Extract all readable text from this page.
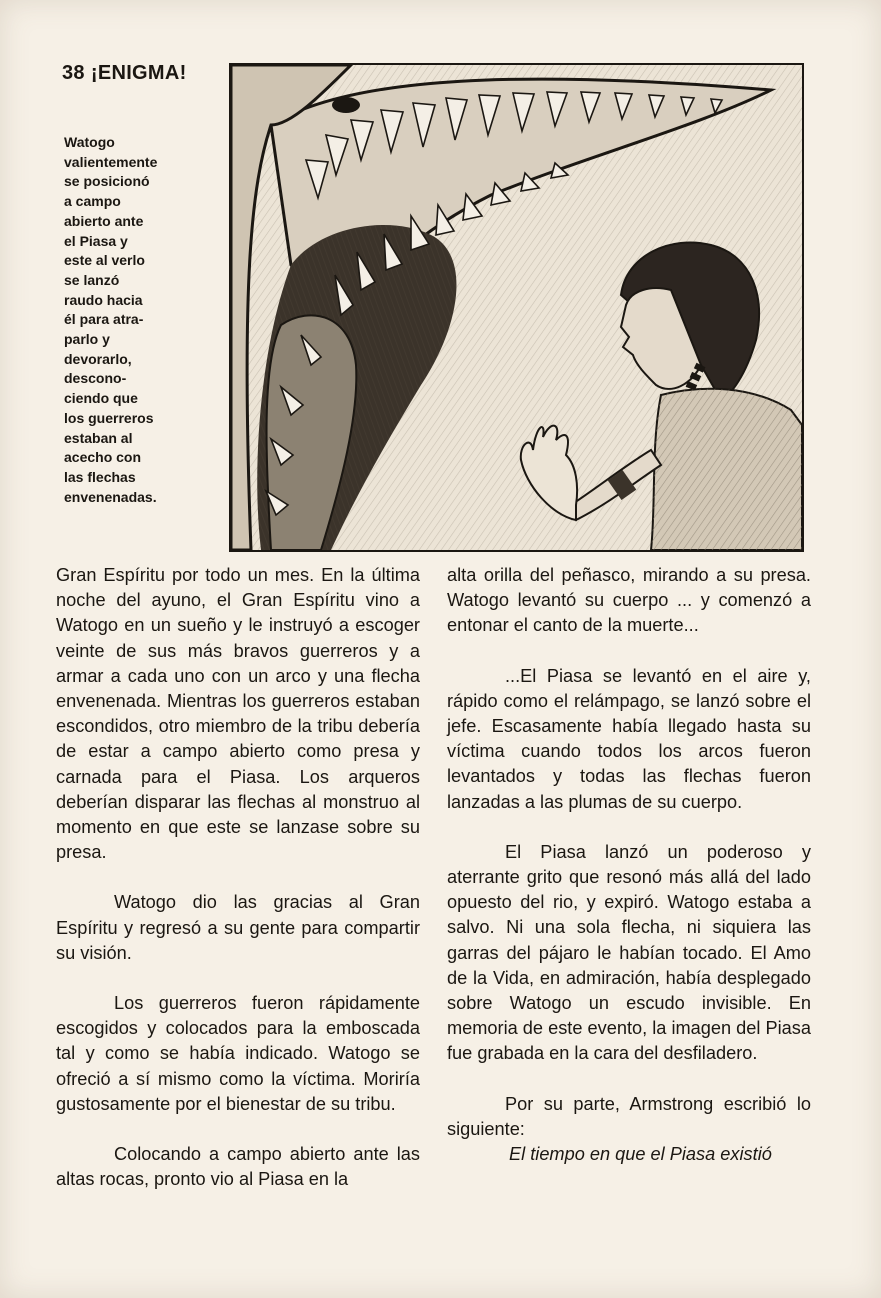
38 ¡ENIGMA!

Watogo
valientemente
se posicionó
a campo
abierto ante
el Piasa y
este al verlo
se lanzó
raudo hacia
él para atra-
parlo y
devorarlo,
descono-
ciendo que
los guerreros
estaban al
acecho con
las flechas
envenenadas.

Gran Espíritu por todo un mes. En la última noche del ayuno, el Gran Espíritu vino a Watogo en un sueño y le instruyó a escoger veinte de sus más bravos guerreros y a armar a cada uno con un arco y una flecha envenenada. Mientras los guerreros estaban escondidos, otro miembro de la tribu debería de estar a campo abierto como presa y carnada para el Piasa. Los arqueros deberían disparar las flechas al monstruo al momento en que este se lanzase sobre su presa.

Watogo dio las gracias al Gran Espíritu y regresó a su gente para compartir su visión.

Los guerreros fueron rápidamente escogidos y colocados para la emboscada tal y como se había indicado. Watogo se ofreció a sí mismo como la víctima. Moriría gustosamente por el bienestar de su tribu.

Colocando a campo abierto ante las altas rocas, pronto vio al Piasa en la

alta orilla del peñasco, mirando a su presa. Watogo levantó su cuerpo ... y comenzó a entonar el canto de la muerte...

...El Piasa se levantó en el aire y, rápido como el relámpago, se lanzó sobre el jefe. Escasamente había llegado hasta su víctima cuando todos los arcos fueron levantados y todas las flechas fueron lanzadas a las plumas de su cuerpo.

El Piasa lanzó un poderoso y aterrante grito que resonó más allá del lado opuesto del rio, y expiró. Watogo estaba a salvo. Ni una sola flecha, ni siquiera las garras del pájaro le habían tocado. El Amo de la Vida, en admiración, había desplegado sobre Watogo un escudo invisible. En memoria de este evento, la imagen del Piasa fue grabada en la cara del desfiladero.

Por su parte, Armstrong escribió lo siguiente:

El tiempo en que el Piasa existió
